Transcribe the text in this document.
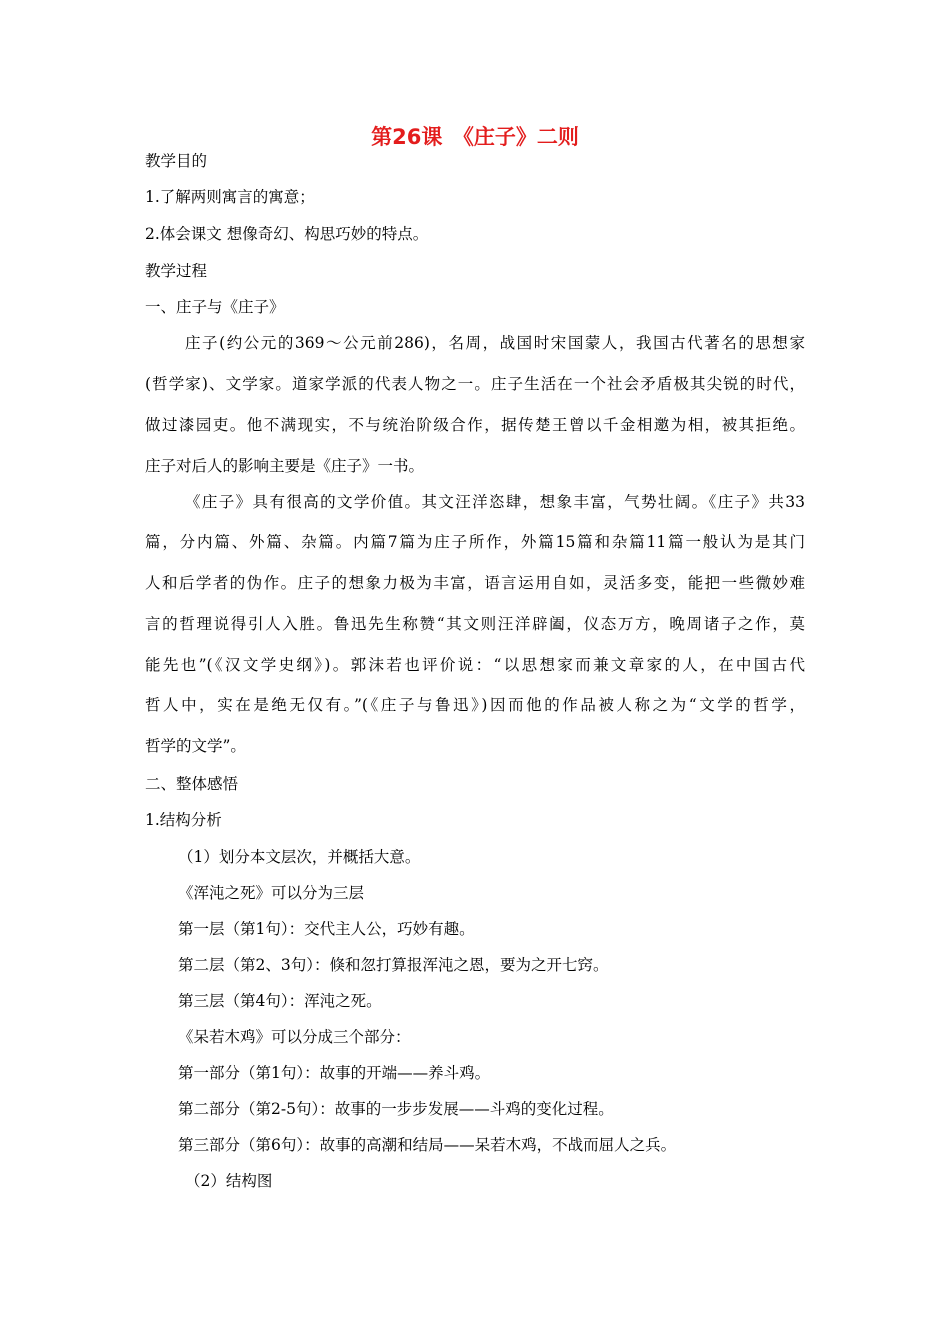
第26课　《庄子》二则
教学目的
1.了解两则寓言的寓意；
2.体会课文 想像奇幻、构思巧妙的特点。
教学过程
一、庄子与《庄子》
庄子(约公元的369～公元前286)，名周，战国时宋国蒙人，我国古代著名的思想家
(哲学家)、文学家。道家学派的代表人物之一。庄子生活在一个社会矛盾极其尖锐的时代，
做过漆园吏。他不满现实，不与统治阶级合作，据传楚王曾以千金相邀为相，被其拒绝。
庄子对后人的影响主要是《庄子》一书。
《庄子》具有很高的文学价值。其文汪洋恣肆，想象丰富，气势壮阔。《庄子》共33
篇，分内篇、外篇、杂篇。内篇7篇为庄子所作，外篇15篇和杂篇11篇一般认为是其门
人和后学者的伪作。庄子的想象力极为丰富，语言运用自如，灵活多变，能把一些微妙难
言的哲理说得引人入胜。鲁迅先生称赞“其文则汪洋辟阖，仪态万方，晚周诸子之作，莫
能先也”(《汉文学史纲》)。郭沫若也评价说：“以思想家而兼文章家的人，在中国古代
哲人中，实在是绝无仅有。”(《庄子与鲁迅》)因而他的作品被人称之为“文学的哲学，
哲学的文学”。
二、整体感悟
1.结构分析
（1）划分本文层次，并概括大意。
《浑沌之死》可以分为三层
第一层（第1句）：交代主人公，巧妙有趣。
第二层（第2、3句）：倏和忽打算报浑沌之恩，要为之开七窍。
第三层（第4句）：浑沌之死。
《呆若木鸡》可以分成三个部分：
第一部分（第1句）：故事的开端——养斗鸡。
第二部分（第2-5句）：故事的一步步发展——斗鸡的变化过程。
第三部分（第6句）：故事的高潮和结局——呆若木鸡，不战而屈人之兵。
（2）结构图
